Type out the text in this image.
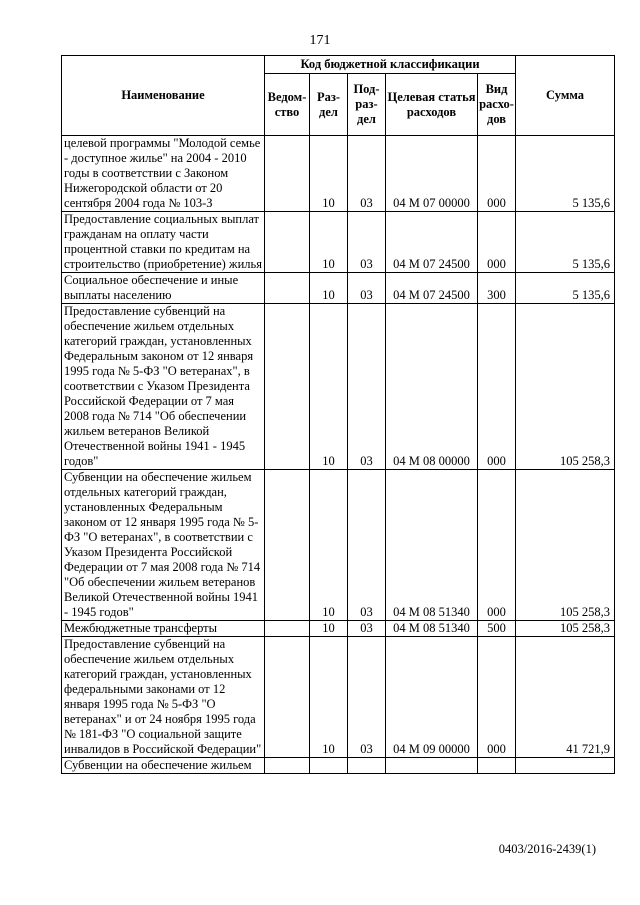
171
Наименование	Код бюджетной классификации					Сумма
	Ведом-ство	Раз-дел	Под-раз-дел	Целевая статья расходов	Вид расхо-дов	
целевой программы "Молодой семье - доступное жилье" на 2004 - 2010 годы в соответствии с Законом Нижегородской области от 20 сентября 2004 года № 103-З		10	03	04 М 07 00000	000	5 135,6
Предоставление социальных выплат гражданам на оплату части процентной ставки по кредитам на строительство (приобретение) жилья		10	03	04 М 07 24500	000	5 135,6
Социальное обеспечение и иные выплаты населению		10	03	04 М 07 24500	300	5 135,6
Предоставление субвенций на обеспечение жильем отдельных категорий граждан, установленных Федеральным законом от 12 января 1995 года № 5-ФЗ "О ветеранах", в соответствии с Указом Президента Российской Федерации от 7 мая 2008 года № 714 "Об обеспечении жильем ветеранов Великой Отечественной войны 1941 - 1945 годов"		10	03	04 М 08 00000	000	105 258,3
Субвенции на обеспечение жильем отдельных категорий граждан, установленных Федеральным законом от 12 января 1995 года № 5-ФЗ "О ветеранах", в соответствии с Указом Президента Российской Федерации от 7 мая 2008 года № 714 "Об обеспечении жильем ветеранов Великой Отечественной войны 1941 - 1945 годов"		10	03	04 М 08 51340	000	105 258,3
Межбюджетные трансферты		10	03	04 М 08 51340	500	105 258,3
Предоставление субвенций на обеспечение жильем отдельных категорий граждан, установленных федеральными законами от 12 января 1995 года № 5-ФЗ "О ветеранах" и от 24 ноября 1995 года № 181-ФЗ "О социальной защите инвалидов в Российской Федерации"		10	03	04 М 09 00000	000	41 721,9
Субвенции на обеспечение жильем						
0403/2016-2439(1)
